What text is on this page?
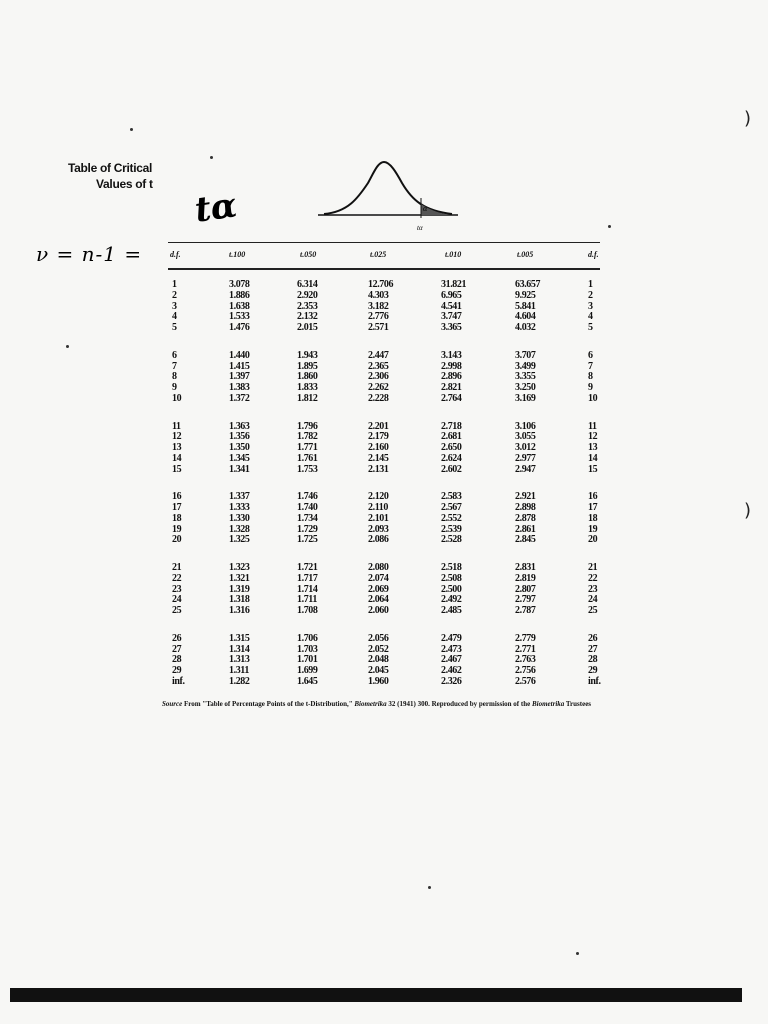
Table of Critical
Values of t
tα
ν = n-1 =
α
tα
d.f.	t.100	t.050	t.025	t.010	t.005	d.f.
1	3.078	6.314	12.706	31.821	63.657	1
2	1.886	2.920	4.303	6.965	9.925	2
3	1.638	2.353	3.182	4.541	5.841	3
4	1.533	2.132	2.776	3.747	4.604	4
5	1.476	2.015	2.571	3.365	4.032	5
6	1.440	1.943	2.447	3.143	3.707	6
7	1.415	1.895	2.365	2.998	3.499	7
8	1.397	1.860	2.306	2.896	3.355	8
9	1.383	1.833	2.262	2.821	3.250	9
10	1.372	1.812	2.228	2.764	3.169	10
11	1.363	1.796	2.201	2.718	3.106	11
12	1.356	1.782	2.179	2.681	3.055	12
13	1.350	1.771	2.160	2.650	3.012	13
14	1.345	1.761	2.145	2.624	2.977	14
15	1.341	1.753	2.131	2.602	2.947	15
16	1.337	1.746	2.120	2.583	2.921	16
17	1.333	1.740	2.110	2.567	2.898	17
18	1.330	1.734	2.101	2.552	2.878	18
19	1.328	1.729	2.093	2.539	2.861	19
20	1.325	1.725	2.086	2.528	2.845	20
21	1.323	1.721	2.080	2.518	2.831	21
22	1.321	1.717	2.074	2.508	2.819	22
23	1.319	1.714	2.069	2.500	2.807	23
24	1.318	1.711	2.064	2.492	2.797	24
25	1.316	1.708	2.060	2.485	2.787	25
26	1.315	1.706	2.056	2.479	2.779	26
27	1.314	1.703	2.052	2.473	2.771	27
28	1.313	1.701	2.048	2.467	2.763	28
29	1.311	1.699	2.045	2.462	2.756	29
inf.	1.282	1.645	1.960	2.326	2.576	inf.
Source From "Table of Percentage Points of the t-Distribution," Biometrika 32 (1941) 300. Reproduced by permission of the Biometrika Trustees
)
)
